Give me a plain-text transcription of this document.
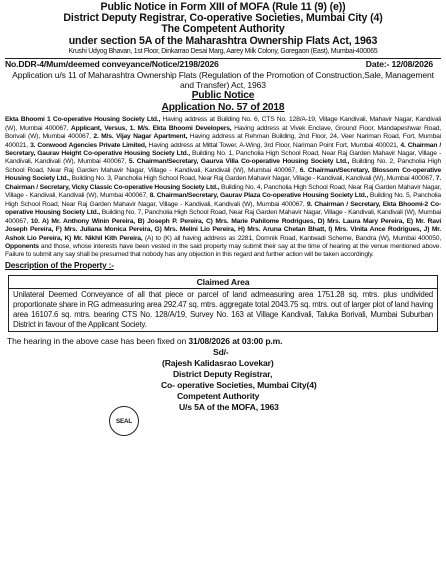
Public Notice in Form XIII of MOFA (Rule 11 (9) (e))
District Deputy Registrar, Co-operative Societies, Mumbai City (4)
The Competent Authority
under section 5A of the Maharashtra Ownership Flats Act, 1963
Krushi Udyog Bhavan, 1st Floor, Dinkarrao Desai Marg, Aarey Milk Colony, Goregaon (East), Mumbai-400065
No.DDR-4/Mum/deemed conveyance/Notice/2198/2026	Date:- 12/08/2026
Application u/s 11 of Maharashtra Ownership Flats (Regulation of the Promotion of Construction,Sale, Management and Transfer) Act, 1963
Public Notice
Application No. 57 of 2018
Ekta Bhoomi 1 Co-operative Housing Society Ltd., Having address at Building No. 6, CTS No. 128/A-19, Village Kandivali, Mahavir Nagar, Kandivali (W), Mumbai 400067, Applicant, Versus, 1. M/s. Ekta Bhoomi Developers, Having address at Vivek Enclave, Ground Floor, Mandapeshwar Road, Borivali (W), Mumbai 400067, 2. M/s. Vijay Nagar Apartment, Having address at Rehman Building, 2nd Floor, 24, Veer Nariman Road, Fort, Mumbai 400021, 3. Conwood Agencies Private Limited, Having address at Mittal Tower, A-Wing, 3rd Floor, Nariman Point Fort, Mumbai 400021, 4. Chairman / Secretary, Gaurav Height Co-operative Housing Society Ltd., Building No. 1, Pancholia High School Road, Near Raj Garden Mahavir Nagar, Village - Kandivali, Kandivali (W), Mumbai 400067, 5. Chairman/Secretary, Gaurva Villa Co-operative Housing Society Ltd., Building No. 2, Pancholia High School Road, Near Raj Garden Mahavir Nagar, Village - Kandivali, Kandivali (W), Mumbai 400067, 6. Chairman/Secretary, Blossom Co-operative Housing Society Ltd., Building No. 3, Pancholia High School Road, Near Raj Garden Mahavir Nagar, Village - Kandivali, Kandivali (W), Mumbai 400067, 7. Chairman / Secretary, Vicky Classic Co-operative Housing Society Ltd., Building No. 4, Pancholia High School Road, Near Raj Garden Mahavir Nagar, Village - Kandivali, Kandivali (W), Mumbai 400067, 8. Chairman/Secretary, Gaurav Plaza Co-operative Housing Society Ltd., Building No. 5, Pancholia High School Road, Near Raj Garden Mahavir Nagar, Village - Kandivali, Kandivali (W), Mumbai 400067, 9. Chairman / Secretary, Ekta Bhoomi-2 Co-operative Housing Society Ltd., Building No. 7, Pancholia High School Road, Near Raj Garden Mahavir Nagar, Village - Kandivali, Kandivali (W), Mumbai 400067, 10. A) Mr. Anthony Winin Pereira, B) Joseph P. Pereira, C) Mrs. Marie Pahilome Rodrigues, D) Mrs. Laura Mary Pereira, E) Mr. Ravi Joseph Pereira, F) Mrs. Juliana Monica Pereira, G) Mrs. Melini Lio Pereira, H) Mrs. Aruna Chetan Bhatt, I) Mrs. Vinita Ance Rodrigues, J) Mr. Ashok Lio Pereira, K) Mr. Nikhil Kith Pereira, (A) to (K) all having address as 2281, Domnik Road, Kantwadi Scheme, Bandra (W), Mumbai 400050, Opponents and those, whose interests have been vested in the said property may submit their say at the time of hearing at the venue mentioned above. Failure to submit any say shall be presumed that nobody has any objection in this regard and further action will be taken accordingly.
Description of the Property :-
Claimed Area
Unilateral Deemed Conveyance of all that piece or parcel of land admeasuring area 1751.28 sq. mtrs. plus undivided proportionate share in RG admeasuring area 292.47 sq. mtrs. aggregate total 2043.75 sq. mtrs. out of larger plot of land having area 16107.6 sq. mtrs. bearing CTS No. 128/A/19, Survey No. 163 at Village Kandivali, Taluka Borivali, Mumbai Suburban District in favour of the Applicant Society.
The hearing in the above case has been fixed on 31/08/2026 at 03:00 p.m.
Sd/-
(Rajesh Kalidasrao Lovekar)
District Deputy Registrar,
Co- operative Societies, Mumbai City(4)
Competent Authority
U/s 5A of the MOFA, 1963
SEAL
